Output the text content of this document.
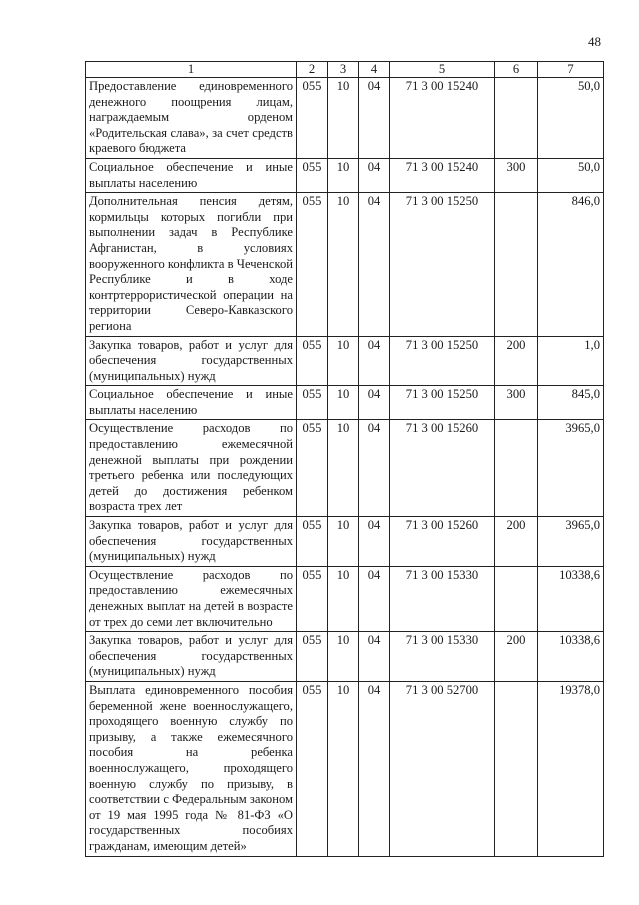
48
1	2	3	4	5	6	7
Предоставление единовременного денежного поощрения лицам, награждаемым орденом «Родительская слава», за счет средств краевого бюджета	055	10	04	71 3 00 15240		50,0
Социальное обеспечение и иные выплаты населению	055	10	04	71 3 00 15240	300	50,0
Дополнительная пенсия детям, кормильцы которых погибли при выполнении задач в Республике Афганистан, в условиях вооруженного конфликта в Чеченской Республике и в ходе контртеррористической операции на территории Северо-Кавказского региона	055	10	04	71 3 00 15250		846,0
Закупка товаров, работ и услуг для обеспечения государственных (муниципальных) нужд	055	10	04	71 3 00 15250	200	1,0
Социальное обеспечение и иные выплаты населению	055	10	04	71 3 00 15250	300	845,0
Осуществление расходов по предоставлению ежемесячной денежной выплаты при рождении третьего ребенка или последующих детей до достижения ребенком возраста трех лет	055	10	04	71 3 00 15260		3965,0
Закупка товаров, работ и услуг для обеспечения государственных (муниципальных) нужд	055	10	04	71 3 00 15260	200	3965,0
Осуществление расходов по предоставлению ежемесячных денежных выплат на детей в возрасте от трех до семи лет включительно	055	10	04	71 3 00 15330		10338,6
Закупка товаров, работ и услуг для обеспечения государственных (муниципальных) нужд	055	10	04	71 3 00 15330	200	10338,6
Выплата единовременного пособия беременной жене военнослужащего, проходящего военную службу по призыву, а также ежемесячного пособия на ребенка военнослужащего, проходящего военную службу по призыву, в соответствии с Федеральным законом от 19 мая 1995 года № 81-ФЗ «О государственных пособиях гражданам, имеющим детей»	055	10	04	71 3 00 52700		19378,0
